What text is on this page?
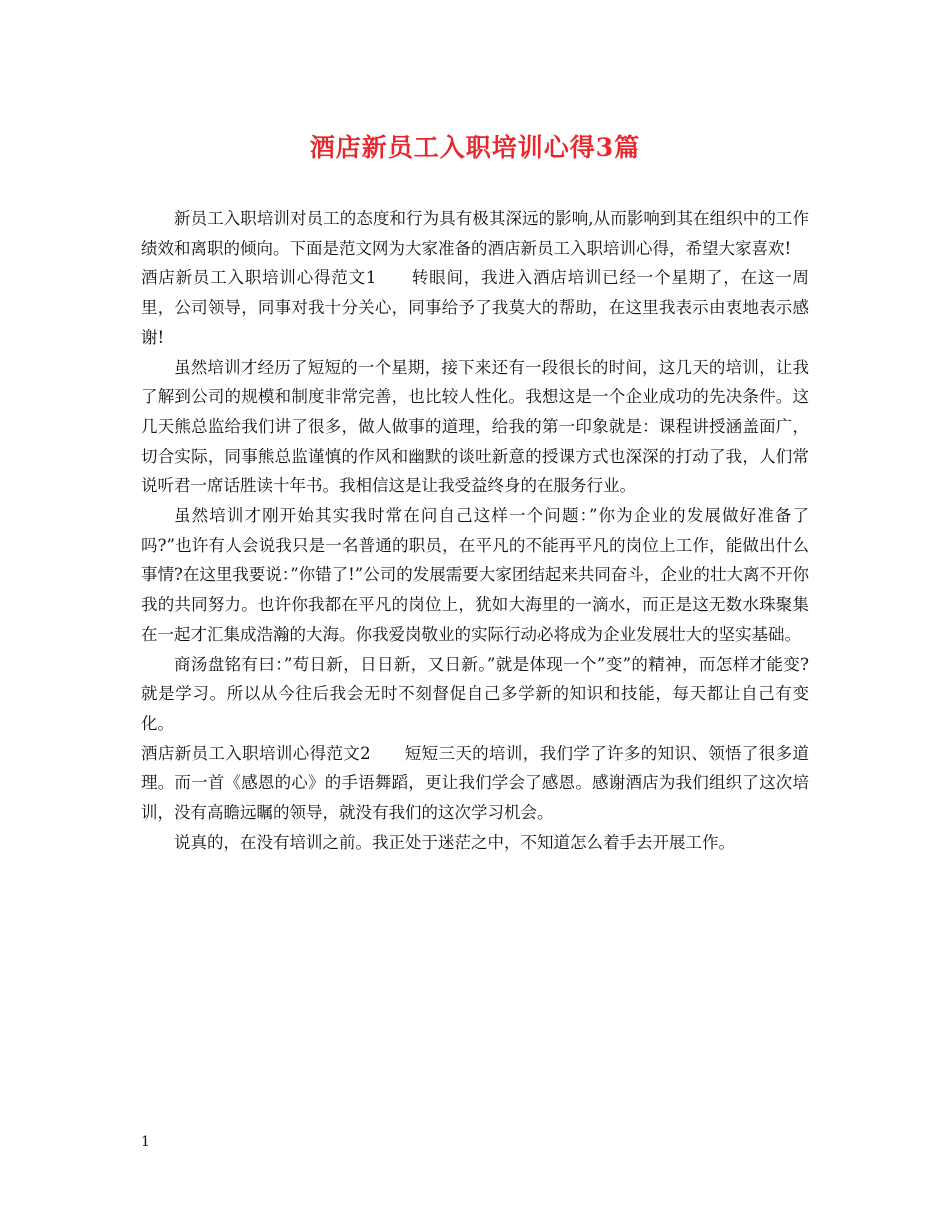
酒店新员工入职培训心得3篇

新员工入职培训对员工的态度和行为具有极其深远的影响,从而影响到其在组织中的工作绩效和离职的倾向。下面是范文网为大家准备的酒店新员工入职培训心得，希望大家喜欢!

酒店新员工入职培训心得范文1　　转眼间，我进入酒店培训已经一个星期了，在这一周里，公司领导，同事对我十分关心，同事给予了我莫大的帮助，在这里我表示由衷地表示感谢!

虽然培训才经历了短短的一个星期，接下来还有一段很长的时间，这几天的培训，让我了解到公司的规模和制度非常完善，也比较人性化。我想这是一个企业成功的先决条件。这几天熊总监给我们讲了很多，做人做事的道理，给我的第一印象就是：课程讲授涵盖面广，切合实际，同事熊总监谨慎的作风和幽默的谈吐新意的授课方式也深深的打动了我，人们常说听君一席话胜读十年书。我相信这是让我受益终身的在服务行业。

虽然培训才刚开始其实我时常在问自己这样一个问题：”你为企业的发展做好准备了吗?”也许有人会说我只是一名普通的职员，在平凡的不能再平凡的岗位上工作，能做出什么事情?在这里我要说：”你错了!”公司的发展需要大家团结起来共同奋斗，企业的壮大离不开你我的共同努力。也许你我都在平凡的岗位上，犹如大海里的一滴水，而正是这无数水珠聚集在一起才汇集成浩瀚的大海。你我爱岗敬业的实际行动必将成为企业发展壮大的坚实基础。

商汤盘铭有曰：”苟日新，日日新，又日新。”就是体现一个”变”的精神，而怎样才能变?就是学习。所以从今往后我会无时不刻督促自己多学新的知识和技能，每天都让自己有变化。

酒店新员工入职培训心得范文2　　短短三天的培训，我们学了许多的知识、领悟了很多道理。而一首《感恩的心》的手语舞蹈，更让我们学会了感恩。感谢酒店为我们组织了这次培训，没有高瞻远瞩的领导，就没有我们的这次学习机会。

说真的，在没有培训之前。我正处于迷茫之中，不知道怎么着手去开展工作。

1
